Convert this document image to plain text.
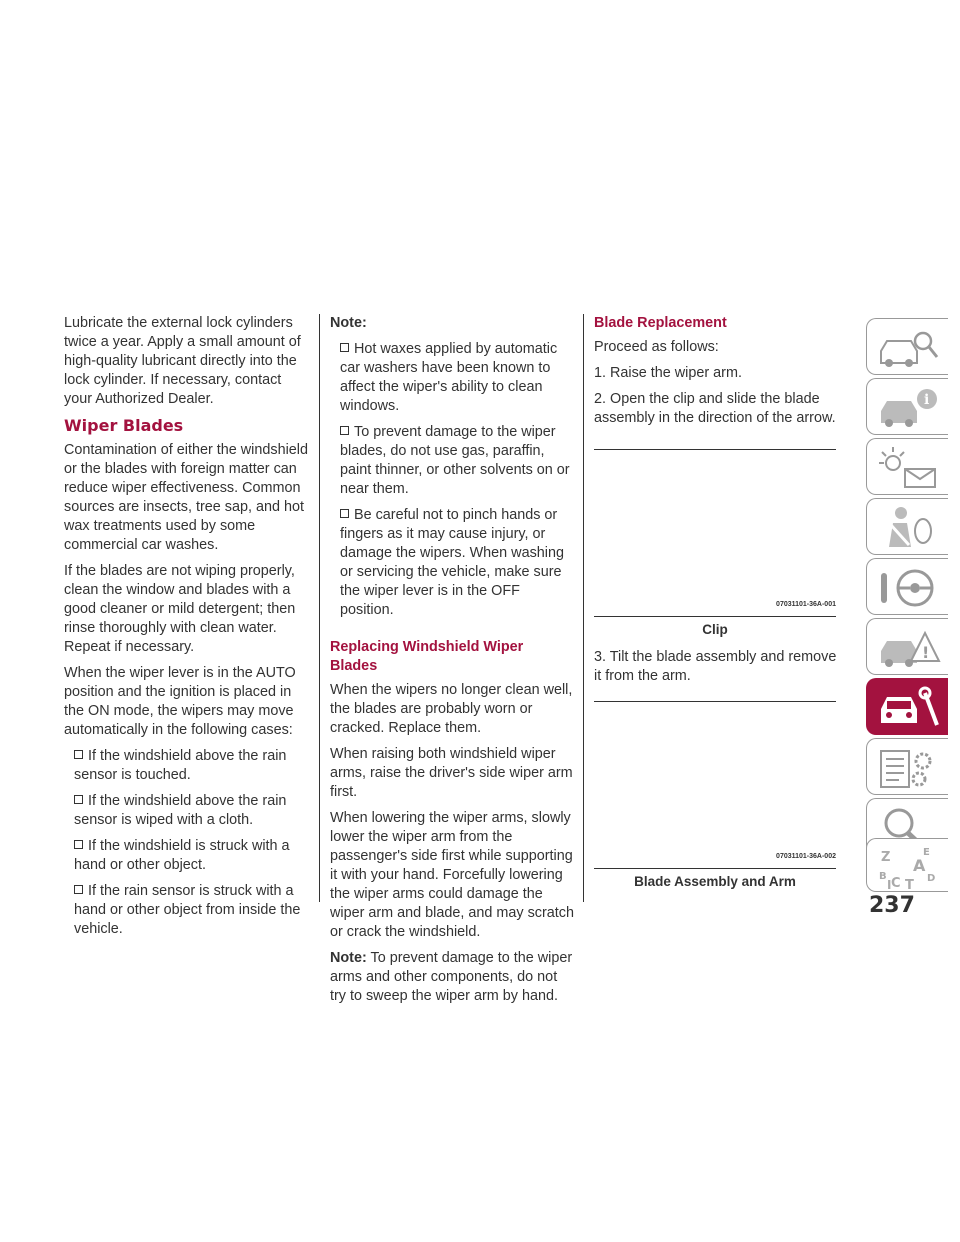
Lubricate the external lock cylinders twice a year. Apply a small amount of high-quality lubricant directly into the lock cylinder. If necessary, contact your Authorized Dealer.

Wiper Blades

Contamination of either the windshield or the blades with foreign matter can reduce wiper effectiveness. Common sources are insects, tree sap, and hot wax treatments used by some commercial car washes.

If the blades are not wiping properly, clean the window and blades with a good cleaner or mild detergent; then rinse thoroughly with clean water. Repeat if necessary.

When the wiper lever is in the AUTO position and the ignition is placed in the ON mode, the wipers may move automatically in the following cases:

If the windshield above the rain sensor is touched.
If the windshield above the rain sensor is wiped with a cloth.
If the windshield is struck with a hand or other object.
If the rain sensor is struck with a hand or other object from inside the vehicle.

Note:

Hot waxes applied by automatic car washers have been known to affect the wiper's ability to clean windows.
To prevent damage to the wiper blades, do not use gas, paraffin, paint thinner, or other solvents on or near them.
Be careful not to pinch hands or fingers as it may cause injury, or damage the wipers. When washing or servicing the vehicle, make sure the wiper lever is in the OFF position.
Replacing Windshield Wiper Blades

When the wipers no longer clean well, the blades are probably worn or cracked. Replace them.

When raising both windshield wiper arms, raise the driver's side wiper arm first.

When lowering the wiper arms, slowly lower the wiper arm from the passenger's side first while supporting it with your hand. Forcefully lowering the wiper arms could damage the wiper arm and blade, and may scratch or crack the windshield.

Note: To prevent damage to the wiper arms and other components, do not try to sweep the wiper arm by hand.

Blade Replacement

Proceed as follows:

1. Raise the wiper arm.

2. Open the clip and slide the blade assembly in the direction of the arrow.

07031101-36A-001
Clip

3. Tilt the blade assembly and remove it from the arm.

07031101-36A-002
Blade Assembly and Arm
i
!
Z	E
A
B C	D
T
I
237
